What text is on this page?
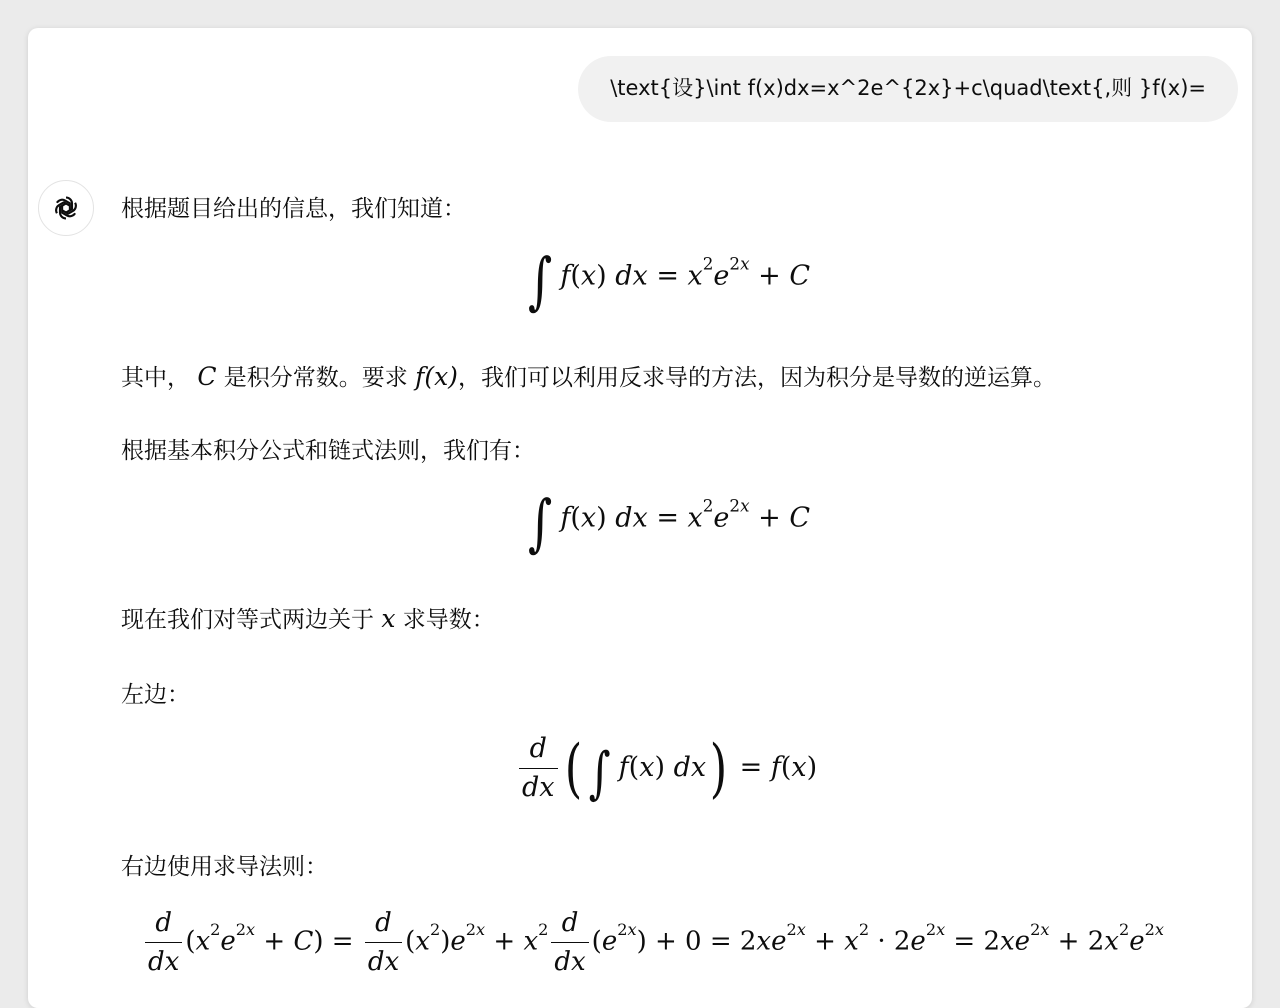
\text{设}\int f(x)dx=x^2e^{2x}+c\quad\text{,则 }f(x)=
根据题目给出的信息，我们知道：
∫ f(x) dx = $x^2e^{2x} + C$
其中， C 是积分常数。要求 f(x)，我们可以利用反求导的方法，因为积分是导数的逆运算。
根据基本积分公式和链式法则，我们有：
∫ f(x) dx = $x^2e^{2x} + C$
现在我们对等式两边关于 x 求导数：
左边：
$\frac{d}{dx}$ ( ∫ f(x) dx) = f(x)
右边使用求导法则：
$\frac{d}{dx} (x^2e^{2x} + C) = \frac{d}{dx} (x^2)e^{2x} + x^2 \frac{d}{dx} (e^{2x}) + 0 = 2xe^{2x} + x^2 \cdot 2e^{2x} = 2xe^{2x} + 2x^2e^{2x}$
